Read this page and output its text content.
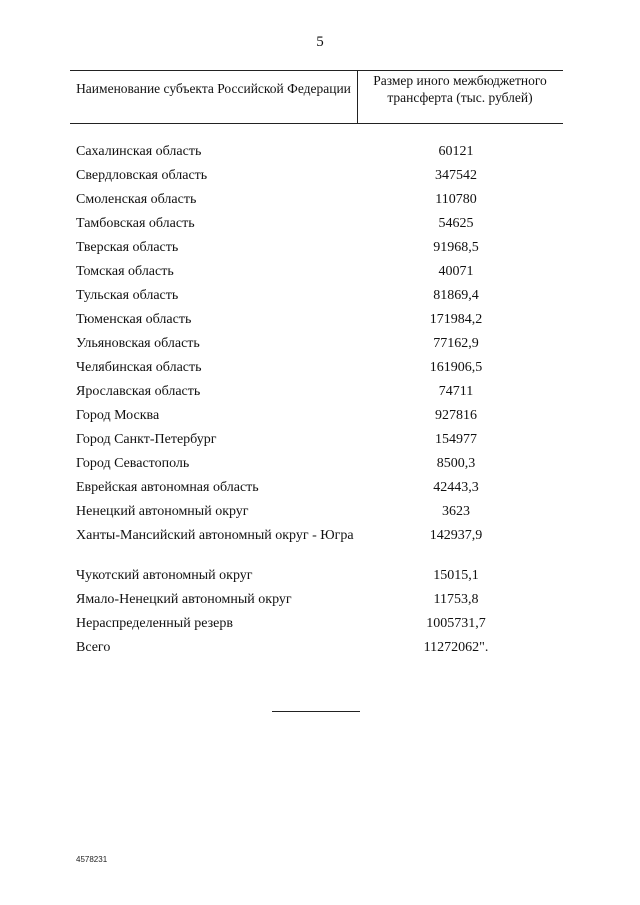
5
Наименование субъекта Российской Федерации
Размер иного межбюджетного трансферта (тыс. рублей)
Сахалинская область	60121
Свердловская область	347542
Смоленская область	110780
Тамбовская область	54625
Тверская область	91968,5
Томская область	40071
Тульская область	81869,4
Тюменская область	171984,2
Ульяновская область	77162,9
Челябинская область	161906,5
Ярославская область	74711
Город Москва	927816
Город Санкт-Петербург	154977
Город Севастополь	8500,3
Еврейская автономная область	42443,3
Ненецкий автономный округ	3623
Ханты-Мансийский автономный округ - Югра	142937,9
Чукотский автономный округ	15015,1
Ямало-Ненецкий автономный округ	11753,8
Нераспределенный резерв	1005731,7
Всего	11272062".
4578231
